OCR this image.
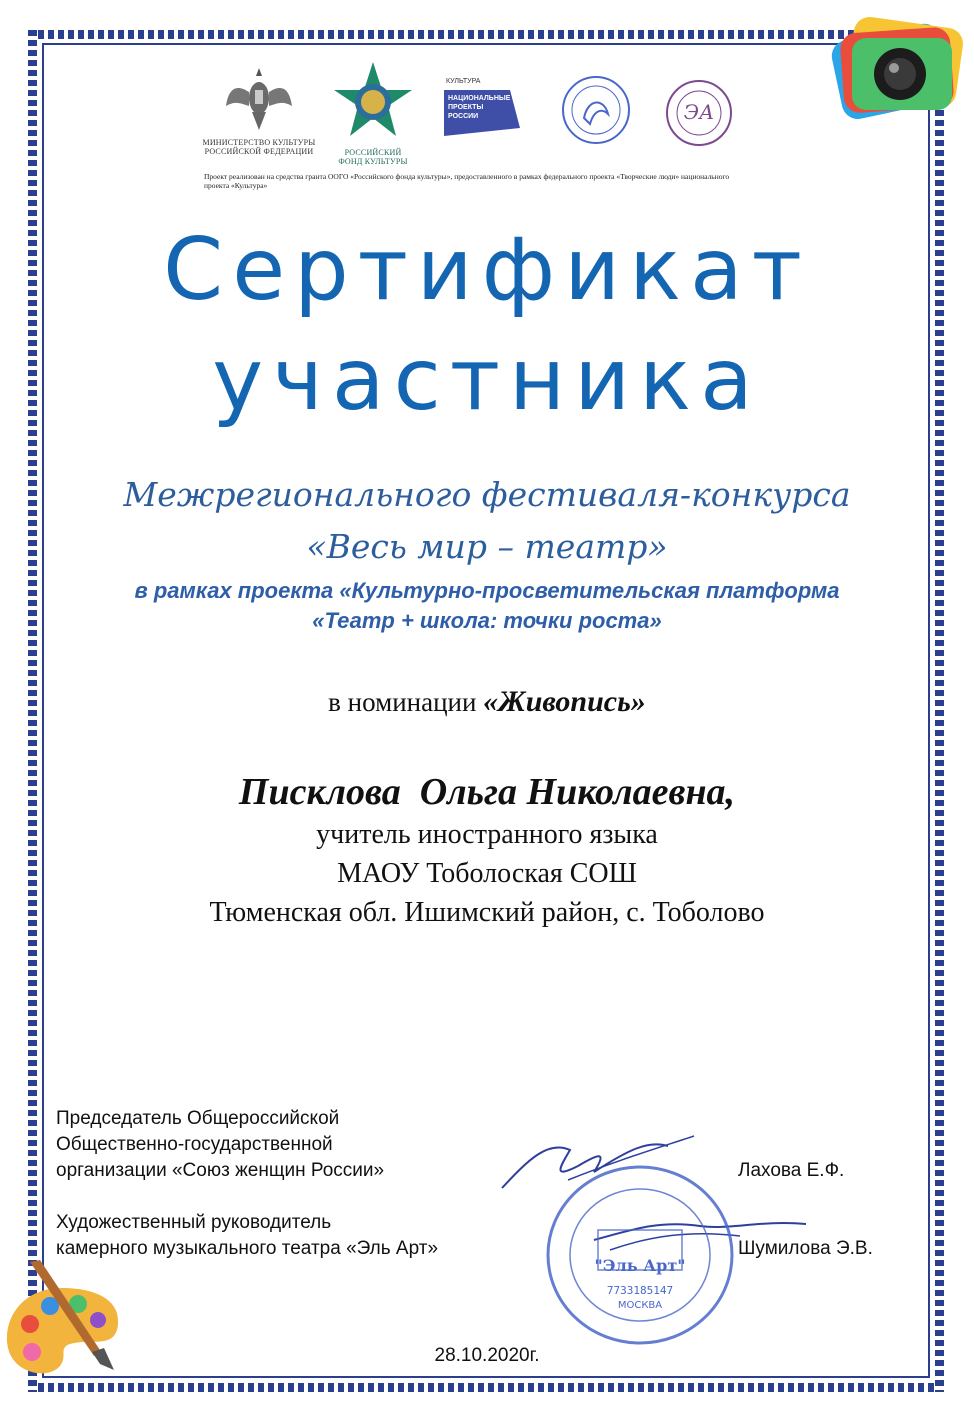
МИНИСТЕРСТВО КУЛЬТУРЫ РОССИЙСКОЙ ФЕДЕРАЦИИ	РОССИЙСКИЙ ФОНД КУЛЬТУРЫ
КУЛЬТУРА
НАЦИОНАЛЬНЫЕ
ПРОЕКТЫ
РОССИИ	ЭА
Проект реализован на средства гранта ООГО «Российского фонда культуры», предоставленного в рамках федерального проекта «Творческие люди» национального проекта «Культура»
Сертификат
участника
Межрегионального фестиваля-конкурса
«Весь мир – театр»
в рамках проекта «Культурно-просветительская платформа
«Театр + школа: точки роста»
в номинации «Живопись»
Писклова  Ольга Николаевна,
учитель иностранного языка
МАОУ Тоболоская СОШ
Тюменская обл. Ишимский район, с. Тоболово
Председатель Общероссийской
Общественно-государственной
организации «Союз женщин России»	Лахова Е.Ф.
Художественный руководитель
камерного музыкального театра «Эль Арт»	Шумилова Э.В.
"Эль Арт"
7733185147
МОСКВА
28.10.2020г.
